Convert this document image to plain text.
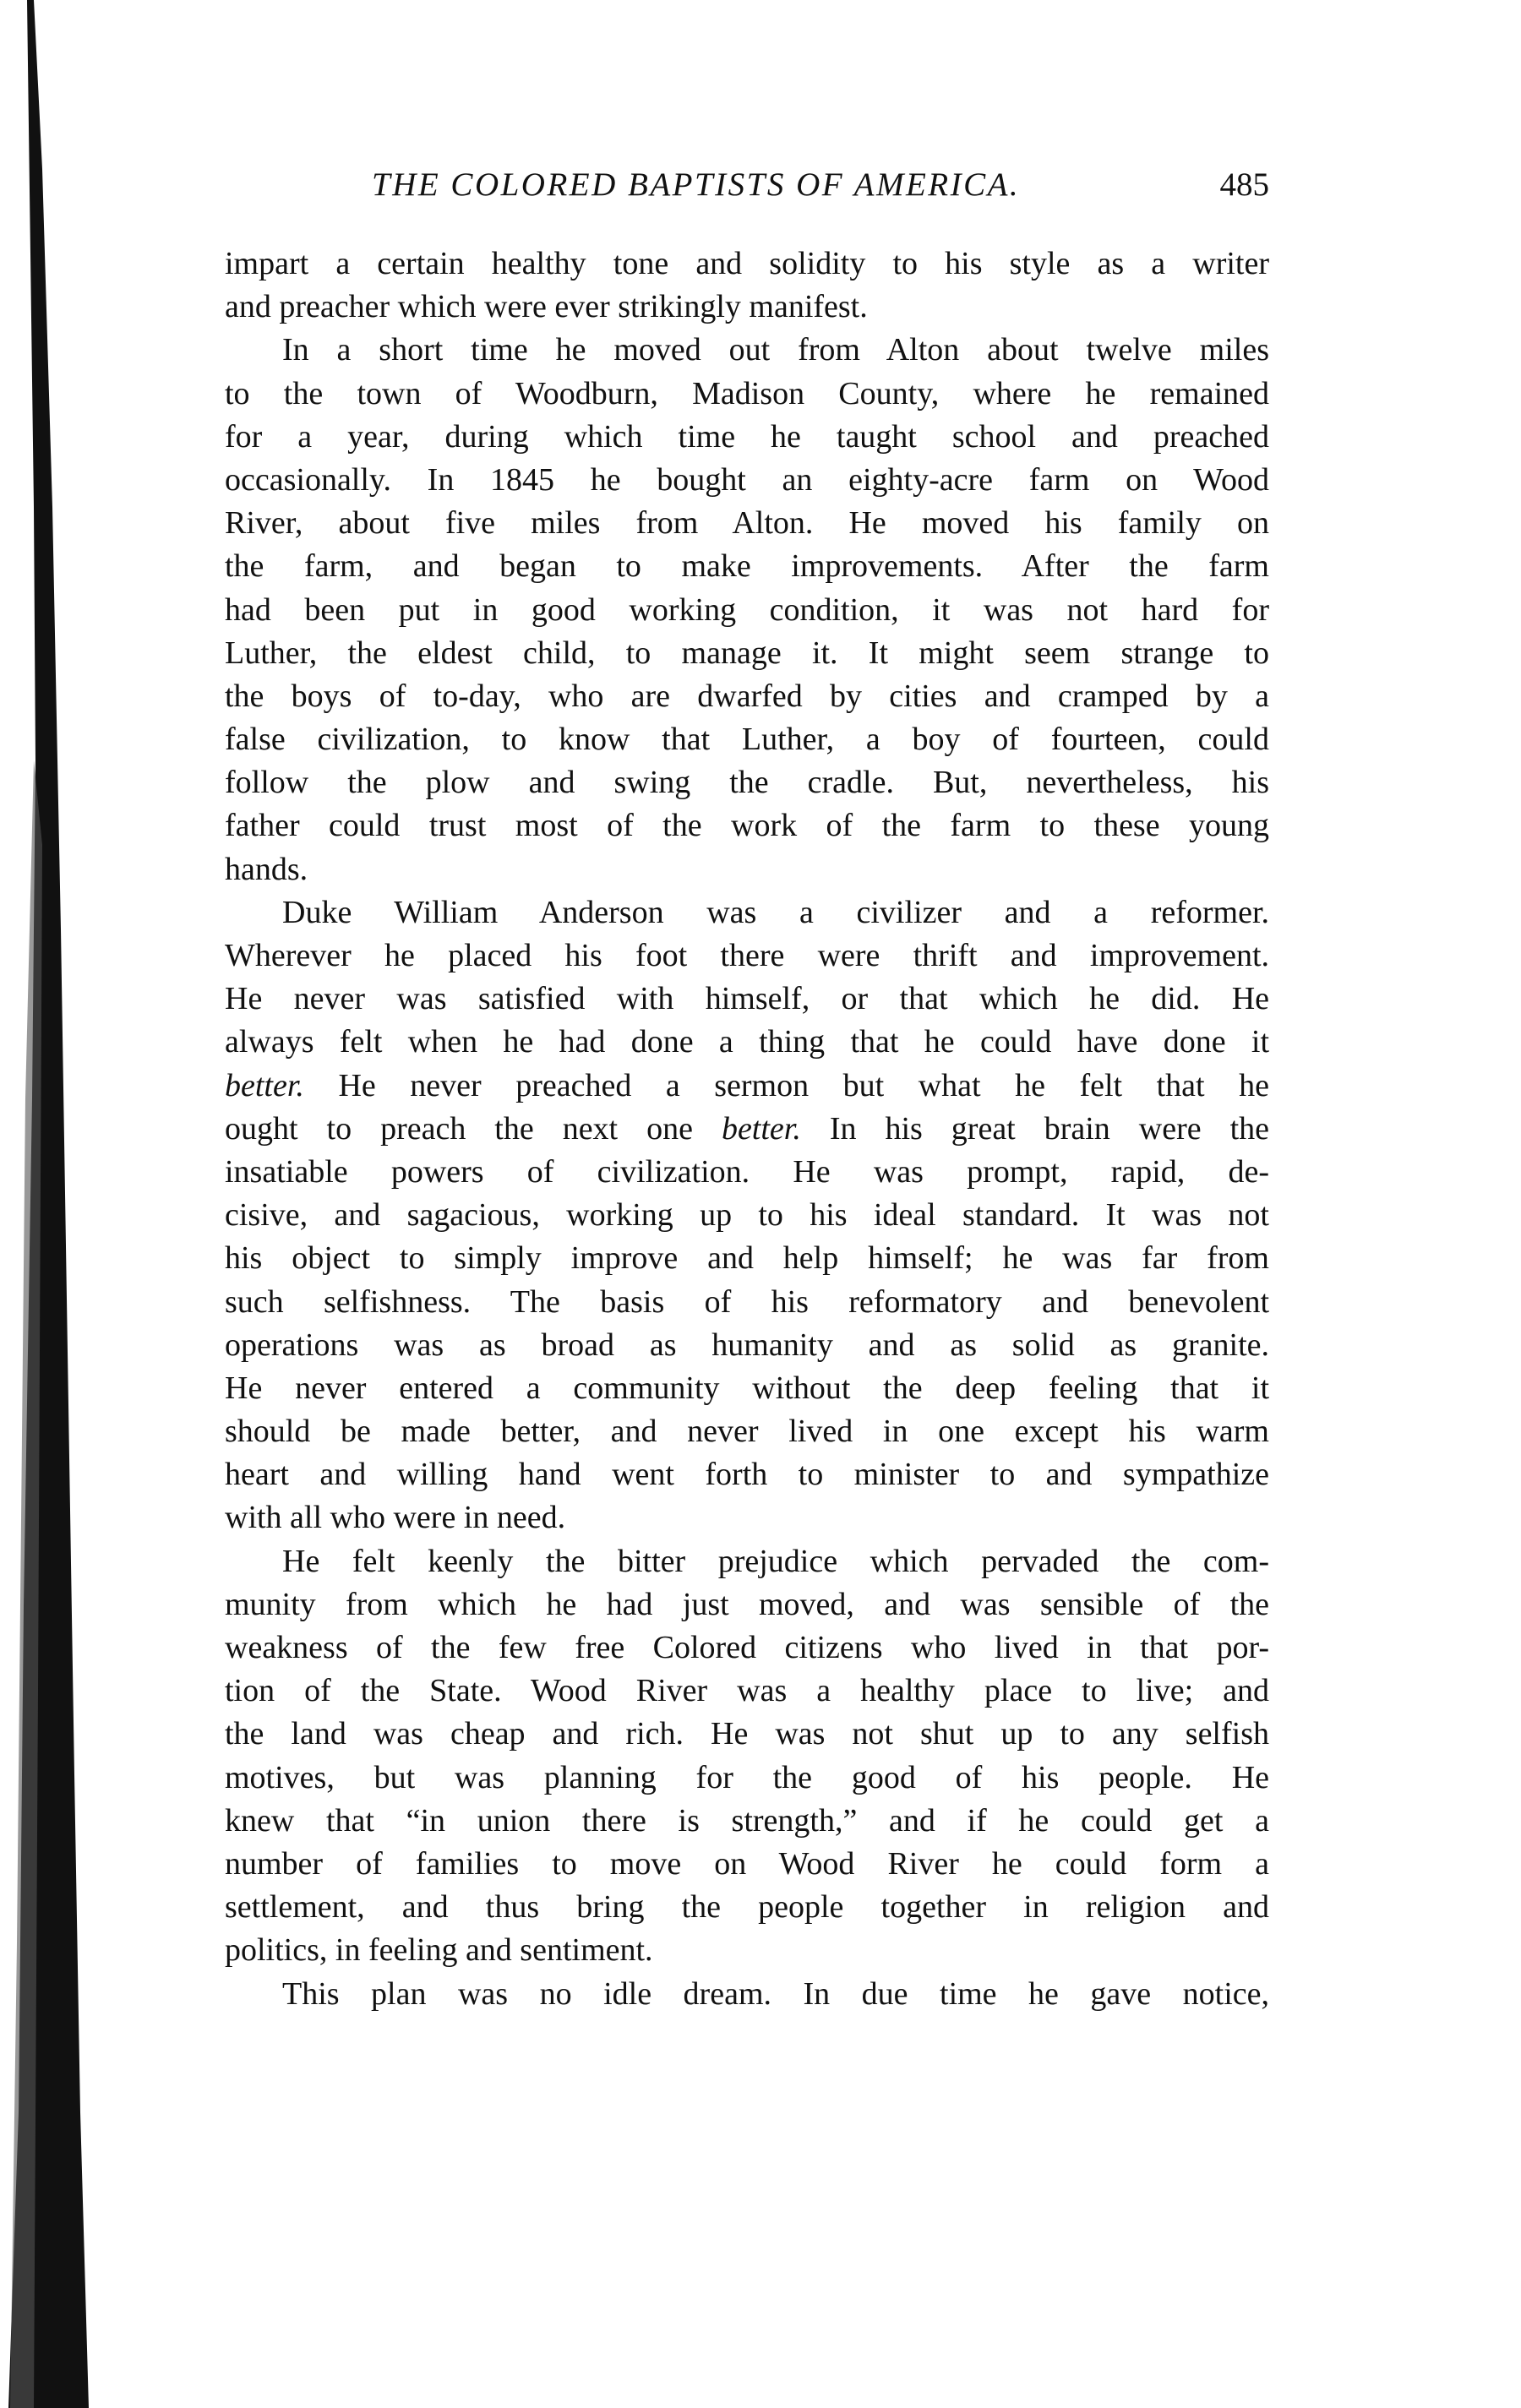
THE COLORED BAPTISTS OF AMERICA.	485
impart a certain healthy tone and solidity to his style as a writer
and preacher which were ever strikingly manifest.
In a short time he moved out from Alton about twelve miles
to the town of Woodburn, Madison County, where he remained
for a year, during which time he taught school and preached
occasionally. In 1845 he bought an eighty-acre farm on Wood
River, about five miles from Alton. He moved his family on
the farm, and began to make improvements. After the farm
had been put in good working condition, it was not hard for
Luther, the eldest child, to manage it. It might seem strange to
the boys of to-day, who are dwarfed by cities and cramped by a
false civilization, to know that Luther, a boy of fourteen, could
follow the plow and swing the cradle. But, nevertheless, his
father could trust most of the work of the farm to these young
hands.
Duke William Anderson was a civilizer and a reformer.
Wherever he placed his foot there were thrift and improvement.
He never was satisfied with himself, or that which he did. He
always felt when he had done a thing that he could have done it
better. He never preached a sermon but what he felt that he
ought to preach the next one better. In his great brain were the
insatiable powers of civilization. He was prompt, rapid, de-
cisive, and sagacious, working up to his ideal standard. It was not
his object to simply improve and help himself; he was far from
such selfishness. The basis of his reformatory and benevolent
operations was as broad as humanity and as solid as granite.
He never entered a community without the deep feeling that it
should be made better, and never lived in one except his warm
heart and willing hand went forth to minister to and sympathize
with all who were in need.
He felt keenly the bitter prejudice which pervaded the com-
munity from which he had just moved, and was sensible of the
weakness of the few free Colored citizens who lived in that por-
tion of the State. Wood River was a healthy place to live; and
the land was cheap and rich. He was not shut up to any selfish
motives, but was planning for the good of his people. He
knew that “in union there is strength,” and if he could get a
number of families to move on Wood River he could form a
settlement, and thus bring the people together in religion and
politics, in feeling and sentiment.
This plan was no idle dream. In due time he gave notice,
